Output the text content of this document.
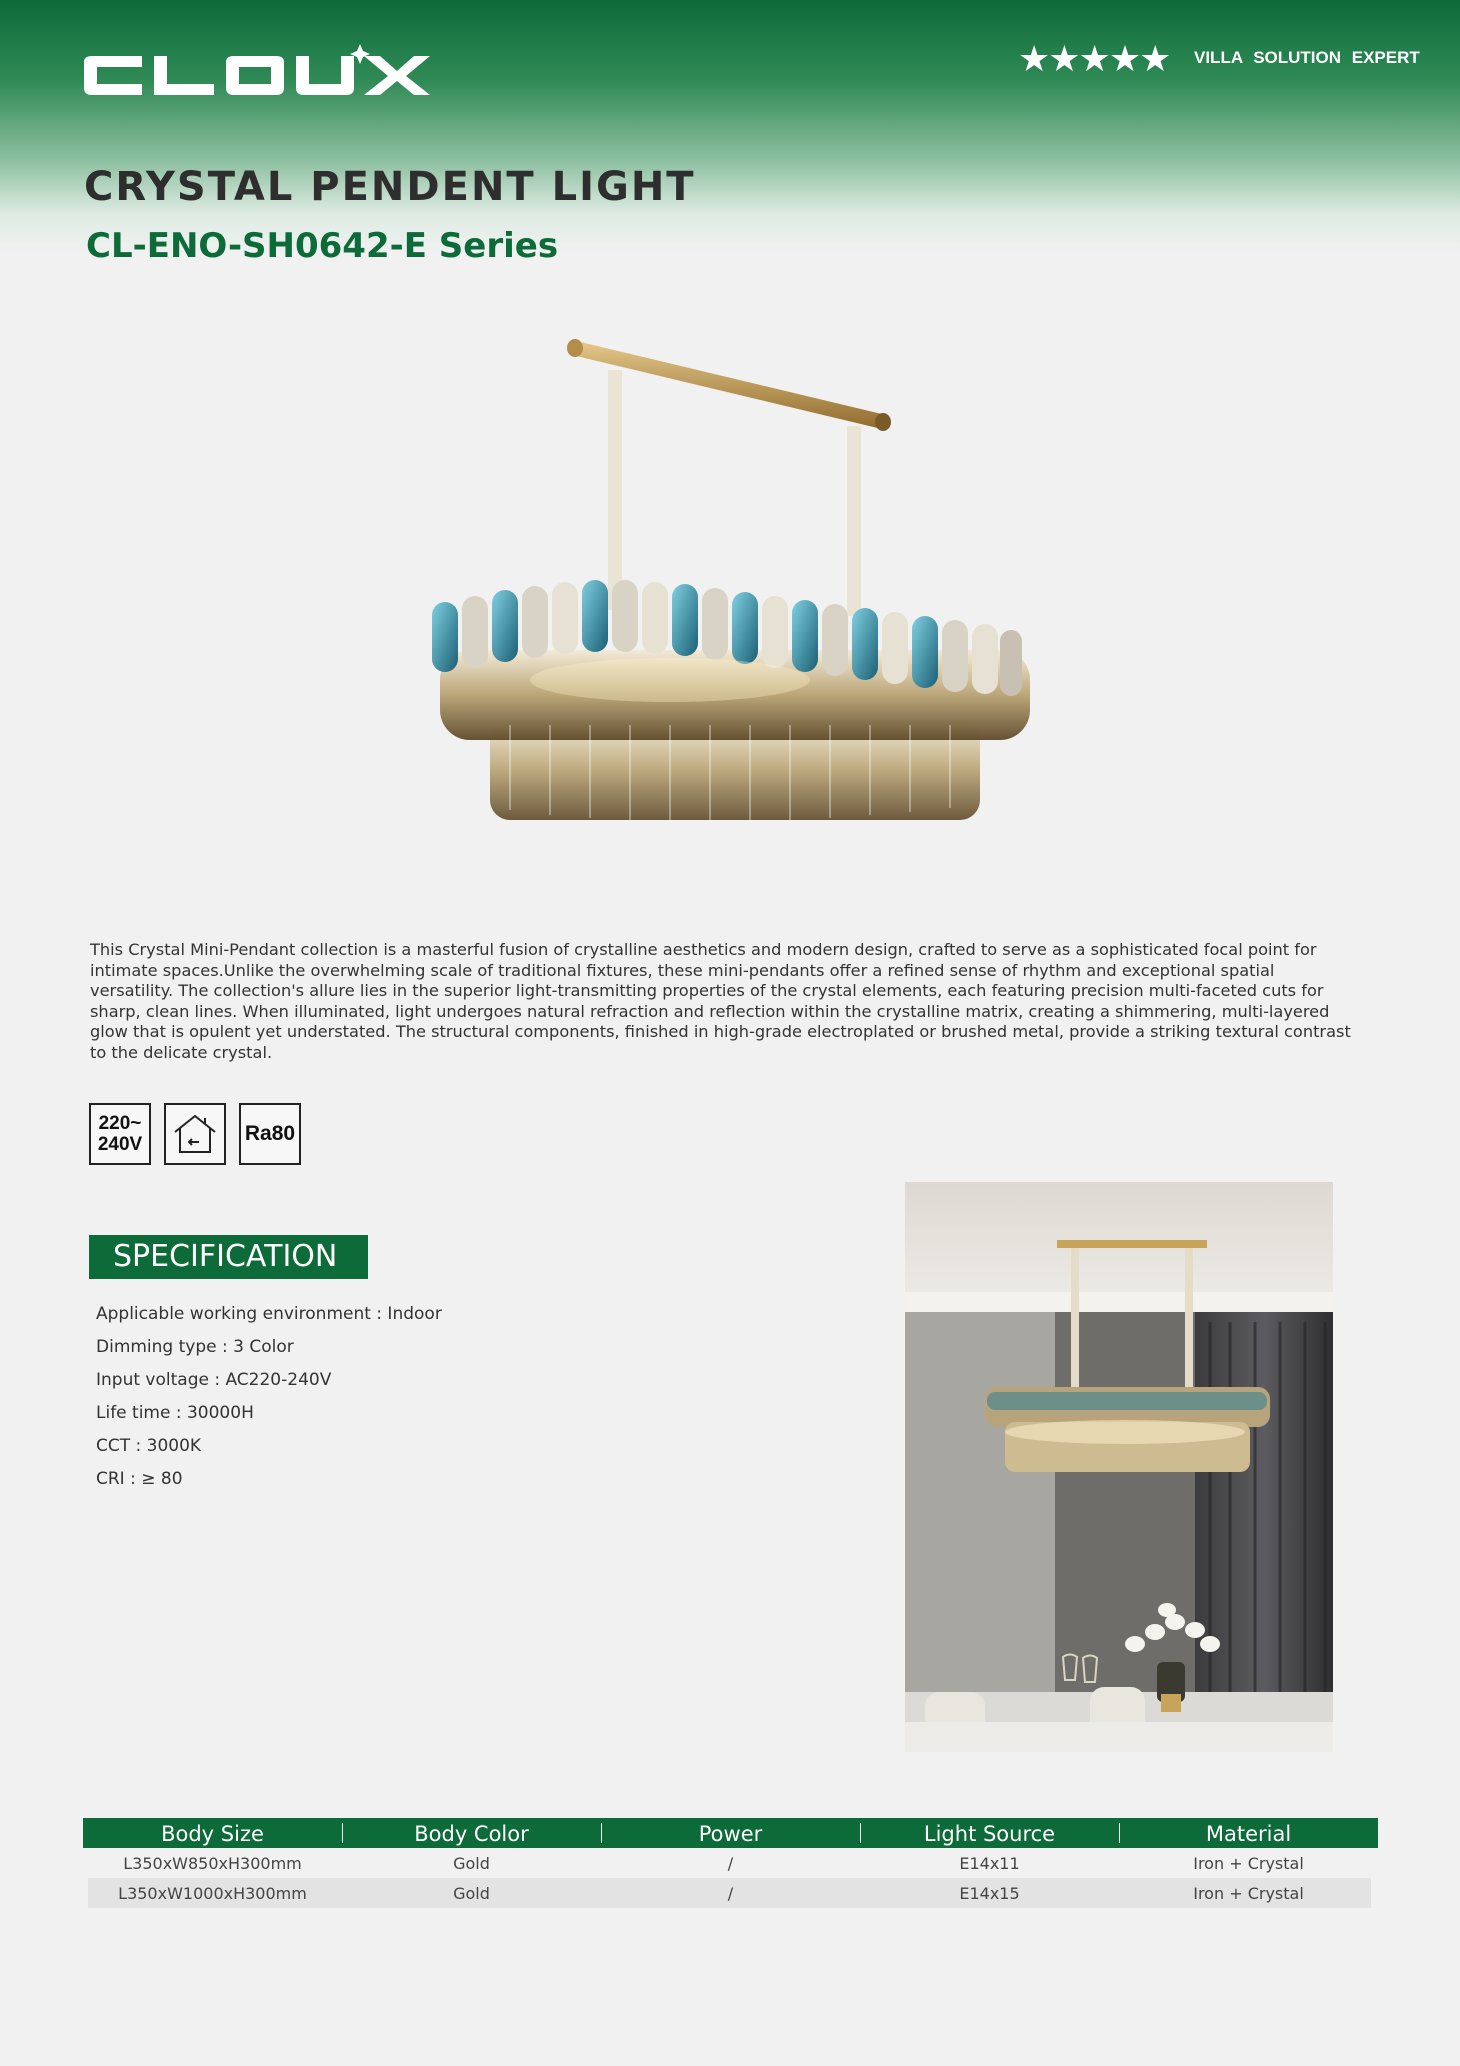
★★★★★ VILLA SOLUTION EXPERT
CRYSTAL PENDENT LIGHT
CL-ENO-SH0642-E Series

This Crystal Mini-Pendant collection is a masterful fusion of crystalline aesthetics and modern design, crafted to serve as a sophisticated focal point for intimate spaces.Unlike the overwhelming scale of traditional fixtures, these mini-pendants offer a refined sense of rhythm and exceptional spatial versatility. The collection's allure lies in the superior light-transmitting properties of the crystal elements, each featuring precision multi-faceted cuts for sharp, clean lines. When illuminated, light undergoes natural refraction and reflection within the crystalline matrix, creating a shimmering, multi-layered glow that is opulent yet understated. The structural components, finished in high-grade electroplated or brushed metal, provide a striking textural contrast to the delicate crystal.

220~
240V	Ra80
SPECIFICATION
Applicable working environment : Indoor
Dimming type : 3 Color
Input voltage : AC220-240V
Life time : 30000H
CCT : 3000K
CRI : ≥ 80
Body Size	Body Color	Power	Light Source	Material
L350xW850xH300mm	Gold	/	E14x11	Iron + Crystal
L350xW1000xH300mm	Gold	/	E14x15	Iron + Crystal
